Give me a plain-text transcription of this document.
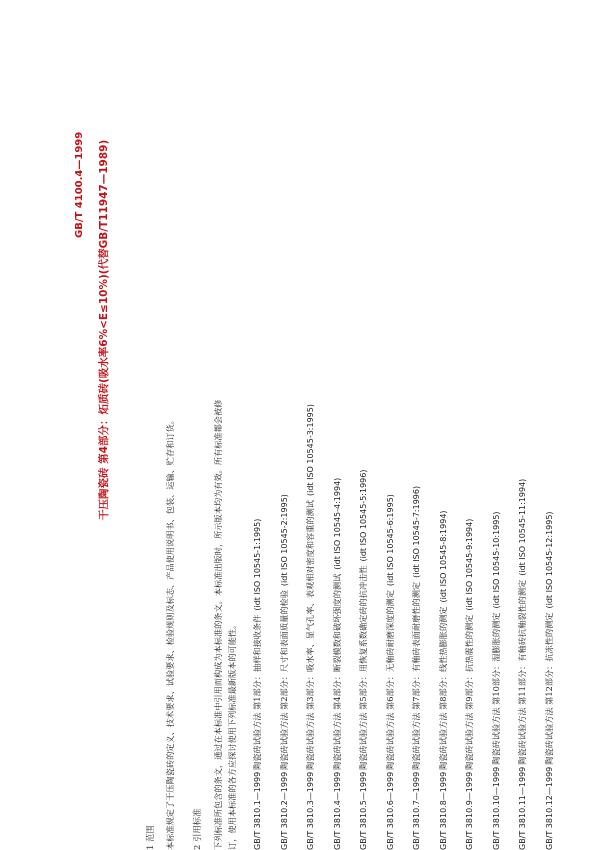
GB/T 4100.4—1999 干压陶瓷砖 第4部分：炻质砖(吸水率6%<E≤10%)(代替GB/T11947—1989)
1 范围 本标准规定了干压陶瓷砖的定义、技术要求、试验要求、检验规则及标志、产品使用说明书、包装、运输、贮存和订货。 2 引用标准 下列标准所包含的条文，通过在本标准中引用而构成为本标准的条文。本标准出版时，所示版本均为有效。所有标准都会被修 订，使用本标准的各方应探讨使用下列标准最新版本的可能性。 GB/T 3810.1—1999陶瓷砖试验方法 第1部分：抽样和接收条件(idt ISO 10545-1:1995)
GB/T 3810.2—1999陶瓷砖试验方法 第2部分：尺寸和表面质量的检验(idt ISO 10545-2:1995)
GB/T 3810.3—1999陶瓷砖试验方法 第3部分：吸水率、显气孔率、表观相对密度和容重的测试(idt ISO 10545-3:1995)
GB/T 3810.4—1999陶瓷砖试验方法 第4部分：断裂模数和破坏强度的测试(idt ISO 10545-4:1994)
GB/T 3810.5—1999陶瓷砖试验方法 第5部分：用恢复系数确定砖的抗冲击性(idt ISO 10545-5:1996)
GB/T 3810.6—1999陶瓷砖试验方法 第6部分：无釉砖耐磨深度的测定(idt ISO 10545-6:1995)
GB/T 3810.7—1999陶瓷砖试验方法 第7部分：有釉砖表面耐磨性的测定(idt ISO 10545-7:1996)
GB/T 3810.8—1999陶瓷砖试验方法 第8部分：线性热膨胀的测定(idt ISO 10545-8:1994)
GB/T 3810.9—1999陶瓷砖试验方法 第9部分：抗热震性的测定(idt ISO 10545-9:1994)
GB/T 3810.10—1999陶瓷砖试验方法 第10部分：湿膨胀的测定(idt ISO 10545-10:1995)
GB/T 3810.11—1999陶瓷砖试验方法 第11部分：有釉砖抗釉裂性的测定(idt ISO 10545-11:1994)
GB/T 3810.12—1999陶瓷砖试验方法 第12部分：抗冻性的测定(idt ISO 10545-12:1995)
